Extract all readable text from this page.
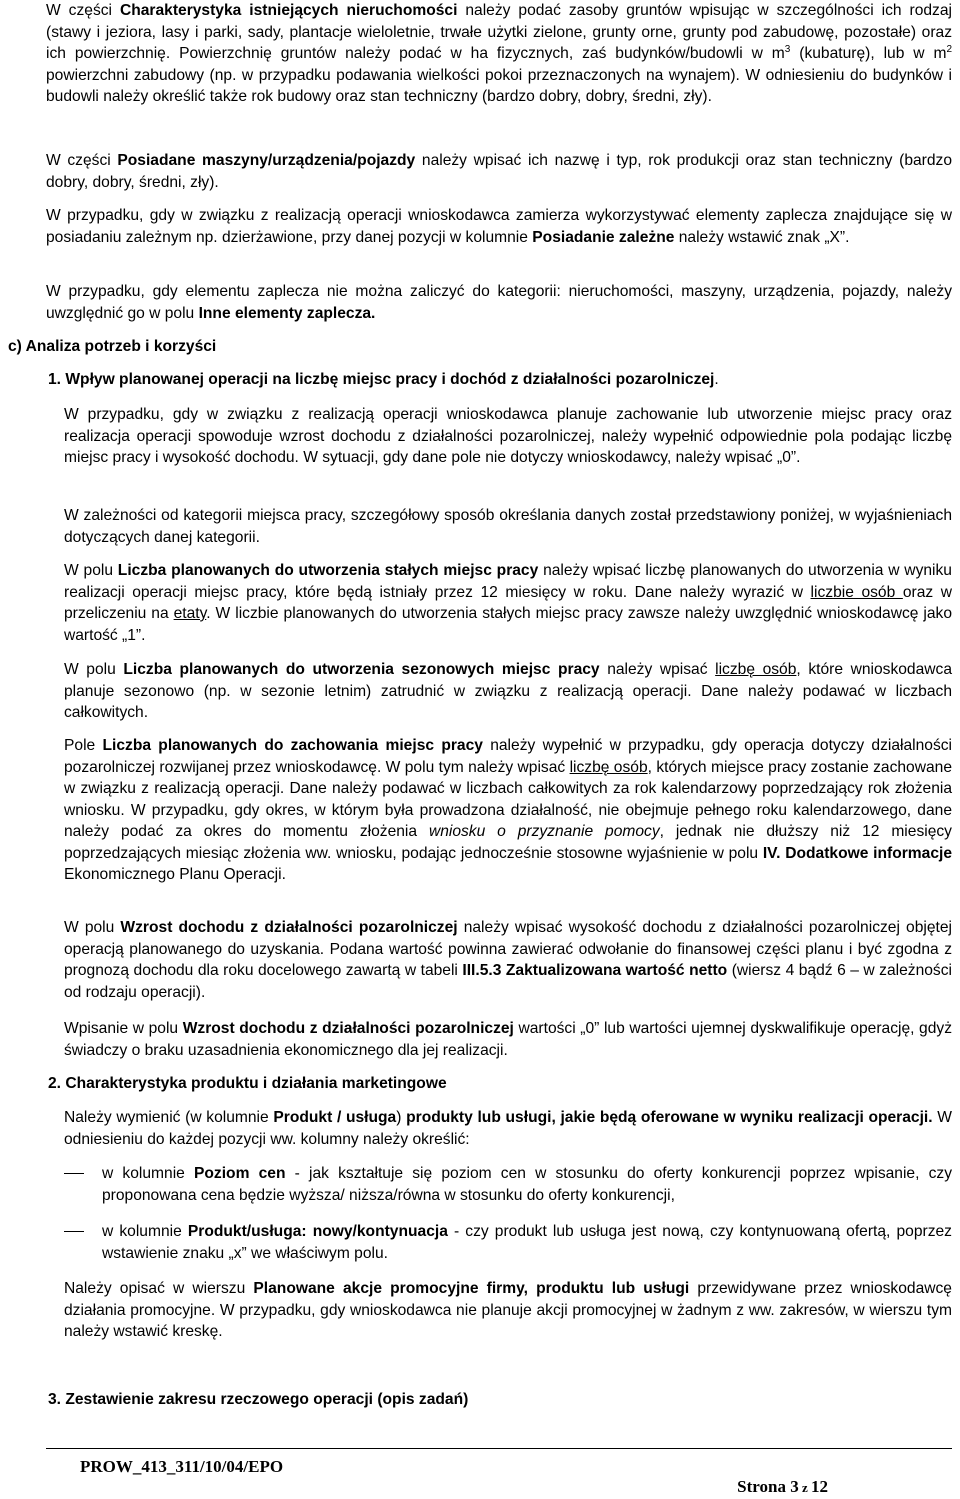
W części Charakterystyka istniejących nieruchomości należy podać zasoby gruntów wpisując w szczególności ich rodzaj (stawy i jeziora, lasy i parki, sady, plantacje wieloletnie, trwałe użytki zielone, grunty orne, grunty pod zabudowę, pozostałe) oraz ich powierzchnię. Powierzchnię gruntów należy podać w ha fizycznych, zaś budynków/budowli w $m^3$ (kubaturę), lub w $m^2$ powierzchni zabudowy (np. w przypadku podawania wielkości pokoi przeznaczonych na wynajem). W odniesieniu do budynków i budowli należy określić także rok budowy oraz stan techniczny (bardzo dobry, dobry, średni, zły).

W części Posiadane maszyny/urządzenia/pojazdy należy wpisać ich nazwę i typ, rok produkcji oraz stan techniczny (bardzo dobry, dobry, średni, zły).

W przypadku, gdy w związku z realizacją operacji wnioskodawca zamierza wykorzystywać elementy zaplecza znajdujące się w posiadaniu zależnym np. dzierżawione, przy danej pozycji w kolumnie Posiadanie zależne należy wstawić znak „X”.

W przypadku, gdy elementu zaplecza nie można zaliczyć do kategorii: nieruchomości, maszyny, urządzenia, pojazdy, należy uwzględnić go w polu Inne elementy zaplecza.

c) Analiza potrzeb i korzyści

1. Wpływ planowanej operacji na liczbę miejsc pracy i dochód z działalności pozarolniczej.

W przypadku, gdy w związku z realizacją operacji wnioskodawca planuje zachowanie lub utworzenie miejsc pracy oraz realizacja operacji spowoduje wzrost dochodu z działalności pozarolniczej, należy wypełnić odpowiednie pola podając liczbę miejsc pracy i wysokość dochodu. W sytuacji, gdy dane pole nie dotyczy wnioskodawcy, należy wpisać „0”.

W zależności od kategorii miejsca pracy, szczegółowy sposób określania danych został przedstawiony poniżej, w wyjaśnieniach dotyczących danej kategorii.

W polu Liczba planowanych do utworzenia stałych miejsc pracy należy wpisać liczbę planowanych do utworzenia w wyniku realizacji operacji miejsc pracy, które będą istniały przez 12 miesięcy w roku. Dane należy wyrazić w liczbie osób oraz w przeliczeniu na etaty. W liczbie planowanych do utworzenia stałych miejsc pracy zawsze należy uwzględnić wnioskodawcę jako wartość „1”.

W polu Liczba planowanych do utworzenia sezonowych miejsc pracy należy wpisać liczbę osób, które wnioskodawca planuje sezonowo (np. w sezonie letnim) zatrudnić w związku z realizacją operacji. Dane należy podawać w liczbach całkowitych.

Pole Liczba planowanych do zachowania miejsc pracy należy wypełnić w przypadku, gdy operacja dotyczy działalności pozarolniczej rozwijanej przez wnioskodawcę. W polu tym należy wpisać liczbę osób, których miejsce pracy zostanie zachowane w związku z realizacją operacji. Dane należy podawać w liczbach całkowitych za rok kalendarzowy poprzedzający rok złożenia wniosku. W przypadku, gdy okres, w którym była prowadzona działalność, nie obejmuje pełnego roku kalendarzowego, dane należy podać za okres do momentu złożenia wniosku o przyznanie pomocy, jednak nie dłuższy niż 12 miesięcy poprzedzających miesiąc złożenia ww. wniosku, podając jednocześnie stosowne wyjaśnienie w polu IV. Dodatkowe informacje Ekonomicznego Planu Operacji.

W polu Wzrost dochodu z działalności pozarolniczej należy wpisać wysokość dochodu z działalności pozarolniczej objętej operacją planowanego do uzyskania. Podana wartość powinna zawierać odwołanie do finansowej części planu i być zgodna z prognozą dochodu dla roku docelowego zawartą w tabeli III.5.3 Zaktualizowana wartość netto (wiersz 4 bądź 6 – w zależności od rodzaju operacji).

Wpisanie w polu Wzrost dochodu z działalności pozarolniczej wartości „0” lub wartości ujemnej dyskwalifikuje operację, gdyż świadczy o braku uzasadnienia ekonomicznego dla jej realizacji.

2. Charakterystyka produktu i działania marketingowe

Należy wymienić (w kolumnie Produkt / usługa) produkty lub usługi, jakie będą oferowane w wyniku realizacji operacji. W odniesieniu do każdej pozycji ww. kolumny należy określić:

w kolumnie Poziom cen - jak kształtuje się poziom cen w stosunku do oferty konkurencji poprzez wpisanie, czy proponowana cena będzie wyższa/ niższa/równa w stosunku do oferty konkurencji,

w kolumnie Produkt/usługa: nowy/kontynuacja - czy produkt lub usługa jest nową, czy kontynuowaną ofertą, poprzez wstawienie znaku „x” we właściwym polu.

Należy opisać w wierszu Planowane akcje promocyjne firmy, produktu lub usługi przewidywane przez wnioskodawcę działania promocyjne. W przypadku, gdy wnioskodawca nie planuje akcji promocyjnej w żadnym z ww. zakresów, w wierszu tym należy wstawić kreskę.

3. Zestawienie zakresu rzeczowego operacji (opis zadań)

PROW_413_311/10/04/EPO
Strona 3 z 12
